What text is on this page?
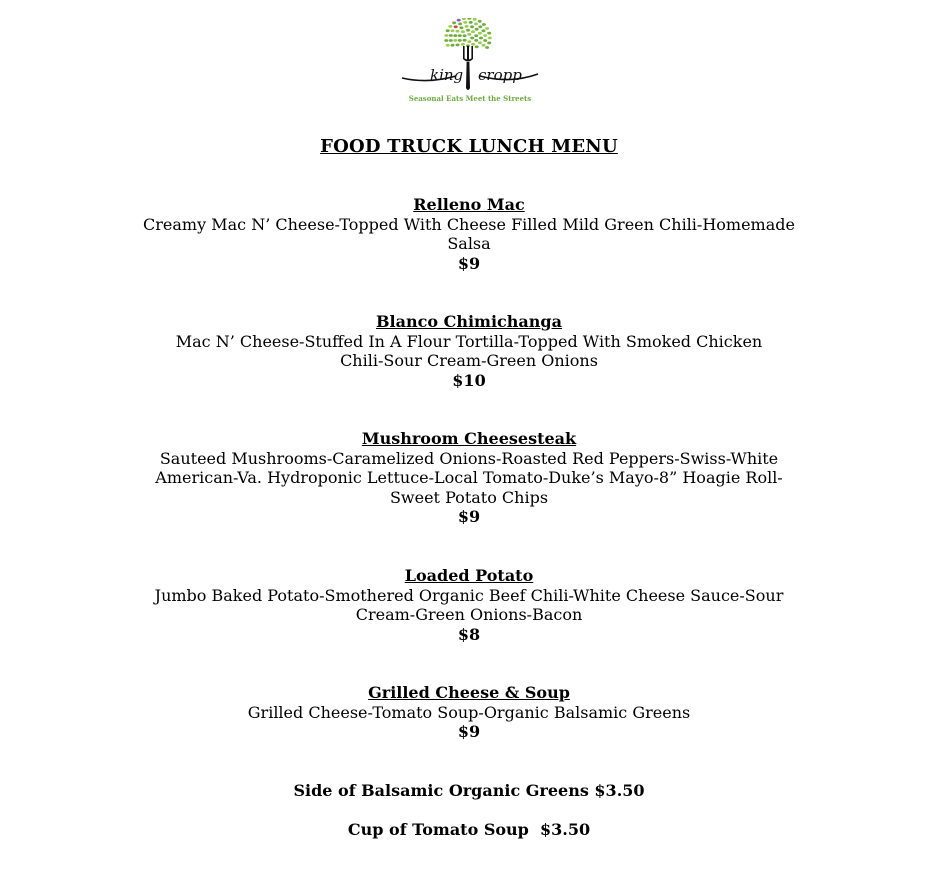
king cropp
Seasonal Eats Meet the Streets
FOOD TRUCK LUNCH MENU
Relleno Mac
Creamy Mac N’ Cheese-Topped With Cheese Filled Mild Green Chili-Homemade Salsa
$9
Blanco Chimichanga
Mac N’ Cheese-Stuffed In A Flour Tortilla-Topped With Smoked Chicken Chili-Sour Cream-Green Onions
$10
Mushroom Cheesesteak
Sauteed Mushrooms-Caramelized Onions-Roasted Red Peppers-Swiss-White American-Va. Hydroponic Lettuce-Local Tomato-Duke’s Mayo-8” Hoagie Roll-Sweet Potato Chips
$9
Loaded Potato
Jumbo Baked Potato-Smothered Organic Beef Chili-White Cheese Sauce-Sour Cream-Green Onions-Bacon
$8
Grilled Cheese & Soup
Grilled Cheese-Tomato Soup-Organic Balsamic Greens
$9
Side of Balsamic Organic Greens $3.50
Cup of Tomato Soup  $3.50
